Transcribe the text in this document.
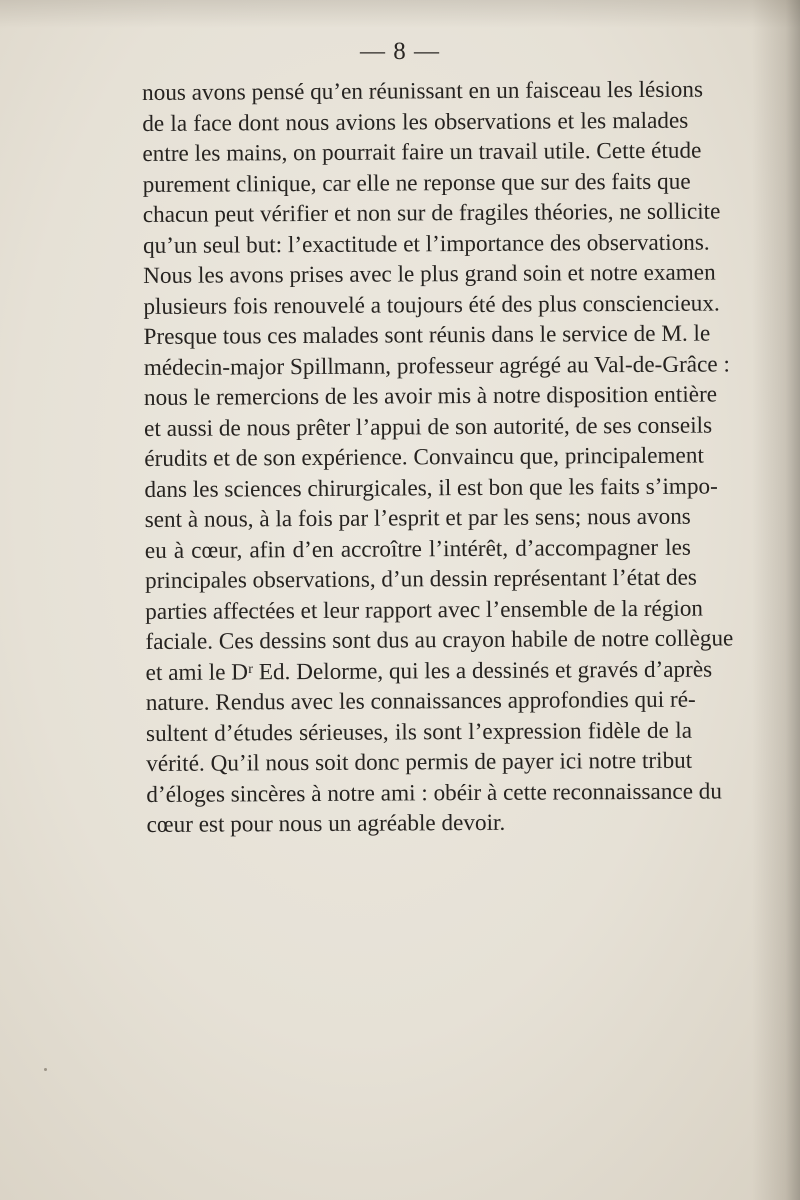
— 8 —
nous avons pensé qu’en réunissant en un faisceau les lésions
de la face dont nous avions les observations et les malades
entre les mains, on pourrait faire un travail utile. Cette étude
purement clinique, car elle ne reponse que sur des faits que
chacun peut vérifier et non sur de fragiles théories, ne sollicite
qu’un seul but: l’exactitude et l’importance des observations.
Nous les avons prises avec le plus grand soin et notre examen
plusieurs fois renouvelé a toujours été des plus consciencieux.
Presque tous ces malades sont réunis dans le service de M. le
médecin-major Spillmann, professeur agrégé au Val-de-Grâce :
nous le remercions de les avoir mis à notre disposition entière
et aussi de nous prêter l’appui de son autorité, de ses conseils
érudits et de son expérience. Convaincu que, principalement
dans les sciences chirurgicales, il est bon que les faits s’impo-
sent à nous, à la fois par l’esprit et par les sens; nous avons
eu à cœur, afin d’en accroître l’intérêt, d’accompagner les
principales observations, d’un dessin représentant l’état des
parties affectées et leur rapport avec l’ensemble de la région
faciale. Ces dessins sont dus au crayon habile de notre collègue
et ami le Dʳ Ed. Delorme, qui les a dessinés et gravés d’après
nature. Rendus avec les connaissances approfondies qui ré-
sultent d’études sérieuses, ils sont l’expression fidèle de la
vérité. Qu’il nous soit donc permis de payer ici notre tribut
d’éloges sincères à notre ami : obéir à cette reconnaissance du
cœur est pour nous un agréable devoir.
